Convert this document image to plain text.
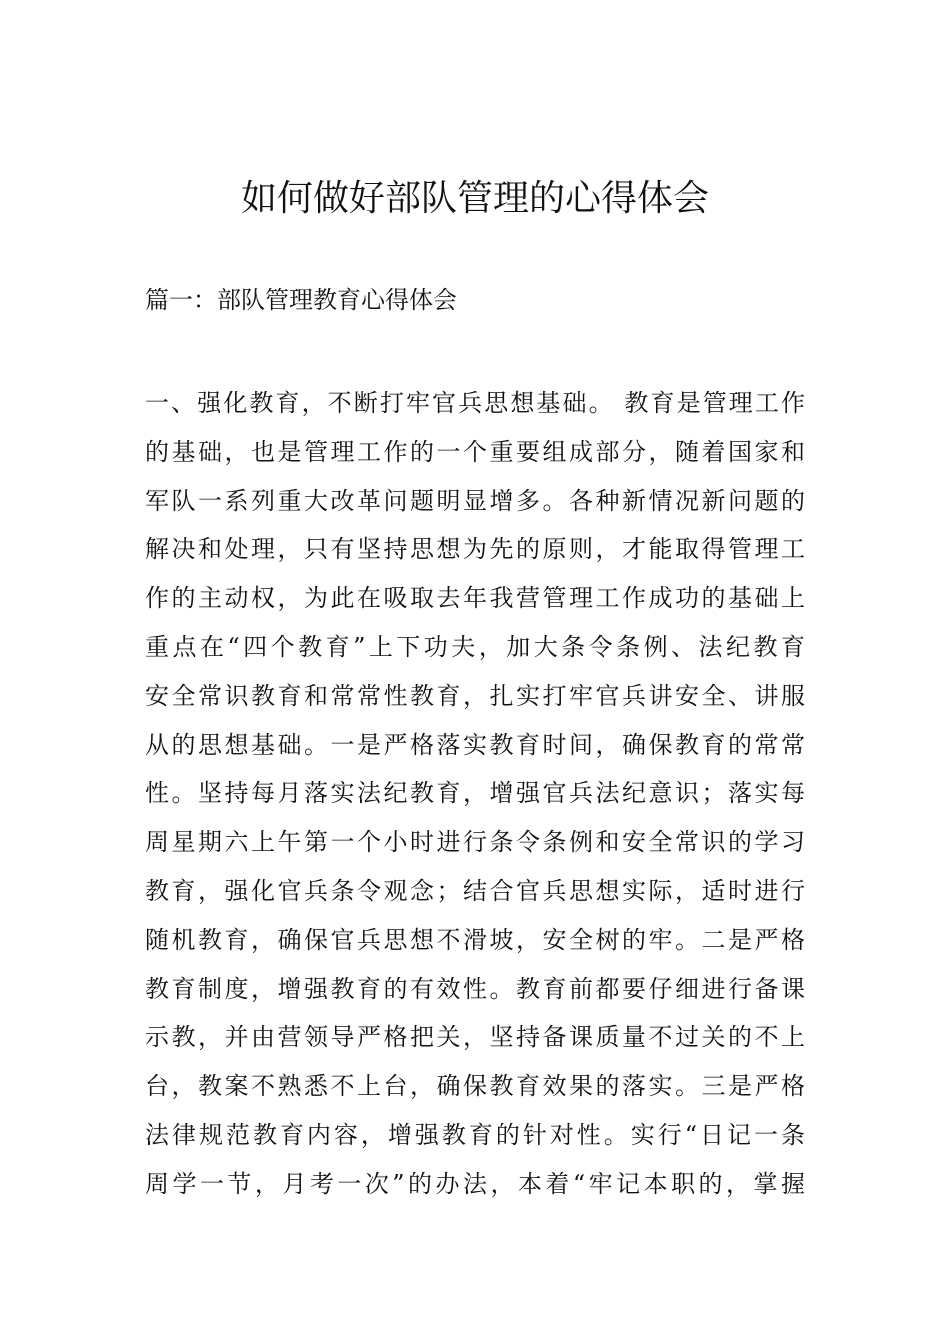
如何做好部队管理的心得体会
篇一：部队管理教育心得体会
一、强化教育，不断打牢官兵思想基础。 教育是管理工作
的基础，也是管理工作的一个重要组成部分，随着国家和
军队一系列重大改革问题明显增多。各种新情况新问题的
解决和处理，只有坚持思想为先的原则，才能取得管理工
作的主动权，为此在吸取去年我营管理工作成功的基础上
重点在“四个教育”上下功夫，加大条令条例、法纪教育
安全常识教育和常常性教育，扎实打牢官兵讲安全、讲服
从的思想基础。一是严格落实教育时间，确保教育的常常
性。坚持每月落实法纪教育，增强官兵法纪意识；落实每
周星期六上午第一个小时进行条令条例和安全常识的学习
教育，强化官兵条令观念；结合官兵思想实际，适时进行
随机教育，确保官兵思想不滑坡，安全树的牢。二是严格
教育制度，增强教育的有效性。教育前都要仔细进行备课
示教，并由营领导严格把关，坚持备课质量不过关的不上
台，教案不熟悉不上台，确保教育效果的落实。三是严格
法律规范教育内容，增强教育的针对性。实行“日记一条
周学一节，月考一次”的办法，本着“牢记本职的，掌握
